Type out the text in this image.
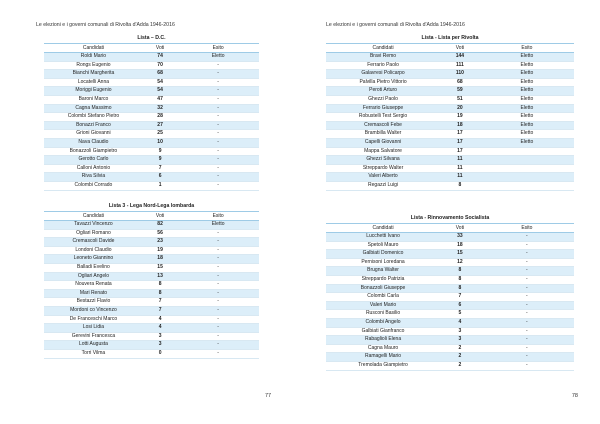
Le elezioni e i governi comunali di Rivolta d'Adda 1946-2016
Lista – D.C.
Candidati	Voti	Esito
Roldi Mario	74	Eletto
Rongs Eugenio	70	-
Bianchi Margherita	68	-
Locatelli Anna	54	-
Moriggi Eugenio	54	-
Baroni Marco	47	-
Cagna Massimo	32	-
Colombi Stefano Pietro	28	-
Bonazzi Franco	27	-
Grioni Giovanni	25	-
Nava Claudio	10	-
Bonazzoli Giampietro	9	-
Gerotto Carlo	9	-
Calloni Antonio	7	-
Riva Silvia	6	-
Colombi Corrado	1	-
Lista 3 - Lega Nord-Lega lombarda
Candidati	Voti	Esito
Tavazzi Vincenzo	82	Eletto
Ogliari Romano	56	-
Cremascoli Davide	23	-
Londoni Claudio	19	-
Leoneto Giannino	18	-
Balladi Evelino	15	-
Ogliari Angelo	13	-
Nouvera Renata	8	-
Mari Renato	8	-
Bestazzi Flavio	7	-
Mordoni co Vincenzo	7	-
De Franceschi Marco	4	-
Losi Lidia	4	-
Gerevini Francesca	3	-
Lotti Augusta	3	-
Torri Vilma	0	-
77
Le elezioni e i governi comunali di Rivolta d'Adda 1946-2016
Lista - Lista per Rivolta
Candidati	Voti	Esito
Bravi Remo	144	Eletto
Ferrario Paolo	111	Eletto
Galavresi Policarpo	110	Eletto
Palvilla Pietro Vittorio	68	Eletto
Peroti Arturo	59	Eletto
Ghezzi Paolo	51	Eletto
Ferrario Giuseppe	20	Eletto
Robustelli Test Sergio	19	Eletto
Cremascoli Febe	18	Eletto
Brambilla Walter	17	Eletto
Capelli Giovanni	17	Eletto
Mappa Salvatore	17	
Ghezzi Silvana	11	
Streppardo Walter	11	
Valeri Alberto	11	
Regazzi Luigi	8	
Lista - Rinnovamento Socialista
Candidati	Voti	Esito
Lucchetti Ivano	33	-
Spetoli Mauro	18	-
Galbiati Domenico	15	-
Pernisoni Loredana	12	-
Brugna Walter	8	-
Streppardo Patrizia	8	-
Bonazzoli Giuseppe	8	-
Colombi Carla	7	-
Valeri Mario	6	-
Rusconi Basilio	5	-
Colombi Angelo	4	-
Galbiati Gianfranco	3	-
Rabaglioli Elena	3	-
Cagna Mauro	2	-
Ramagelli Mario	2	-
Tremolada Giampietro	2	-
78
